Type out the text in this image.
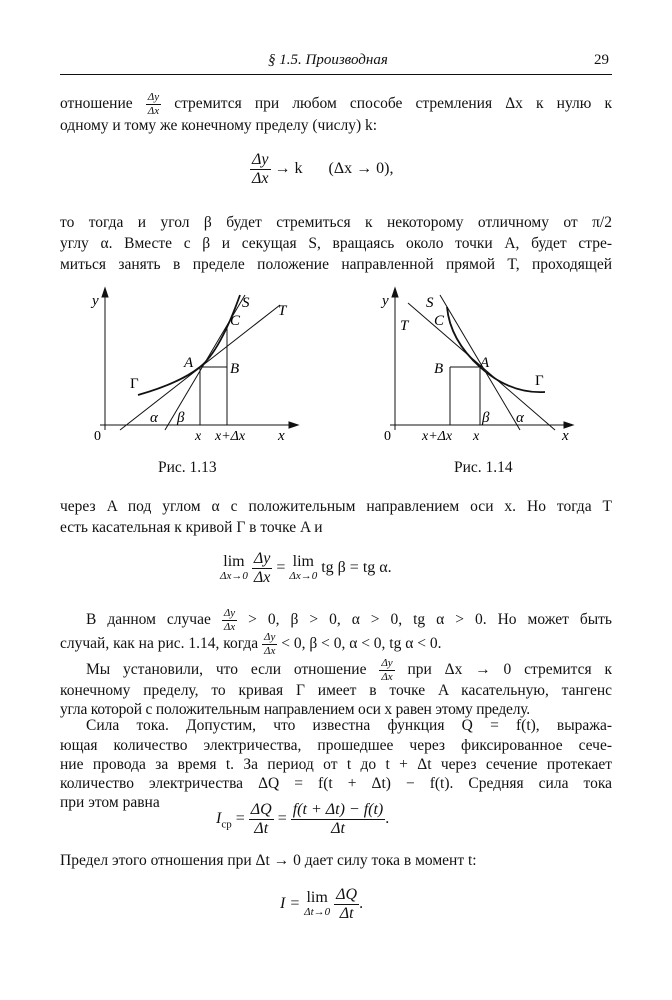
§ 1.5. Производная	29
отношение $\frac{\Delta y}{\Delta x}$ стремится при любом способе стремления Δx к нулю к
одному и тому же конечному пределу (числу) k:
$\frac{\Delta y}{\Delta x} \to k$ (Δx → 0),
то тогда и угол β будет стремиться к некоторому отличному от π/2
углу α. Вместе с β и секущая S, вращаясь около точки A, будет стре-
миться занять в пределе положение направленной прямой T, проходящей
y
x
0
S T
C
A B
Γ
α β
x x+Δx
Рис. 1.13
y
x
0
S
T C
A
B
Γ
α
β
x+Δx x
Рис. 1.14
через A под углом α с положительным направлением оси x. Но тогда T
есть касательная к кривой Γ в точке A и
lim
Δx→0
$\frac{\Delta y}{\Delta x} = \lim$
Δx→0 tg β = tg α.
В данном случае $\frac{\Delta y}{\Delta x} > 0$, β > 0, α > 0, tg α > 0. Но может быть
случай, как на рис. 1.14, когда $\frac{\Delta y}{\Delta x} < 0$, β < 0, α < 0, tg α < 0.
Мы установили, что если отношение $\frac{\Delta y}{\Delta x}$ при Δx → 0 стремится к
конечному пределу, то кривая Γ имеет в точке A касательную, тангенс
угла которой с положительным направлением оси x равен этому пределу.
Сила тока. Допустим, что известна функция Q = f(t), выража-
ющая количество электричества, прошедшее через фиксированное сече-
ние провода за время t. За период от t до t + Δt через сечение протекает
количество электричества ΔQ = f(t + Δt) − f(t). Средняя сила тока
при этом равна
$I_{ср} = \frac{\Delta Q}{\Delta t} = \frac{f(t + \Delta t) - f(t)}{\Delta t}$ .
Предел этого отношения при Δt → 0 дает силу тока в момент t:
I = lim
Δt→0
$\frac{\Delta Q}{\Delta t}$ .
